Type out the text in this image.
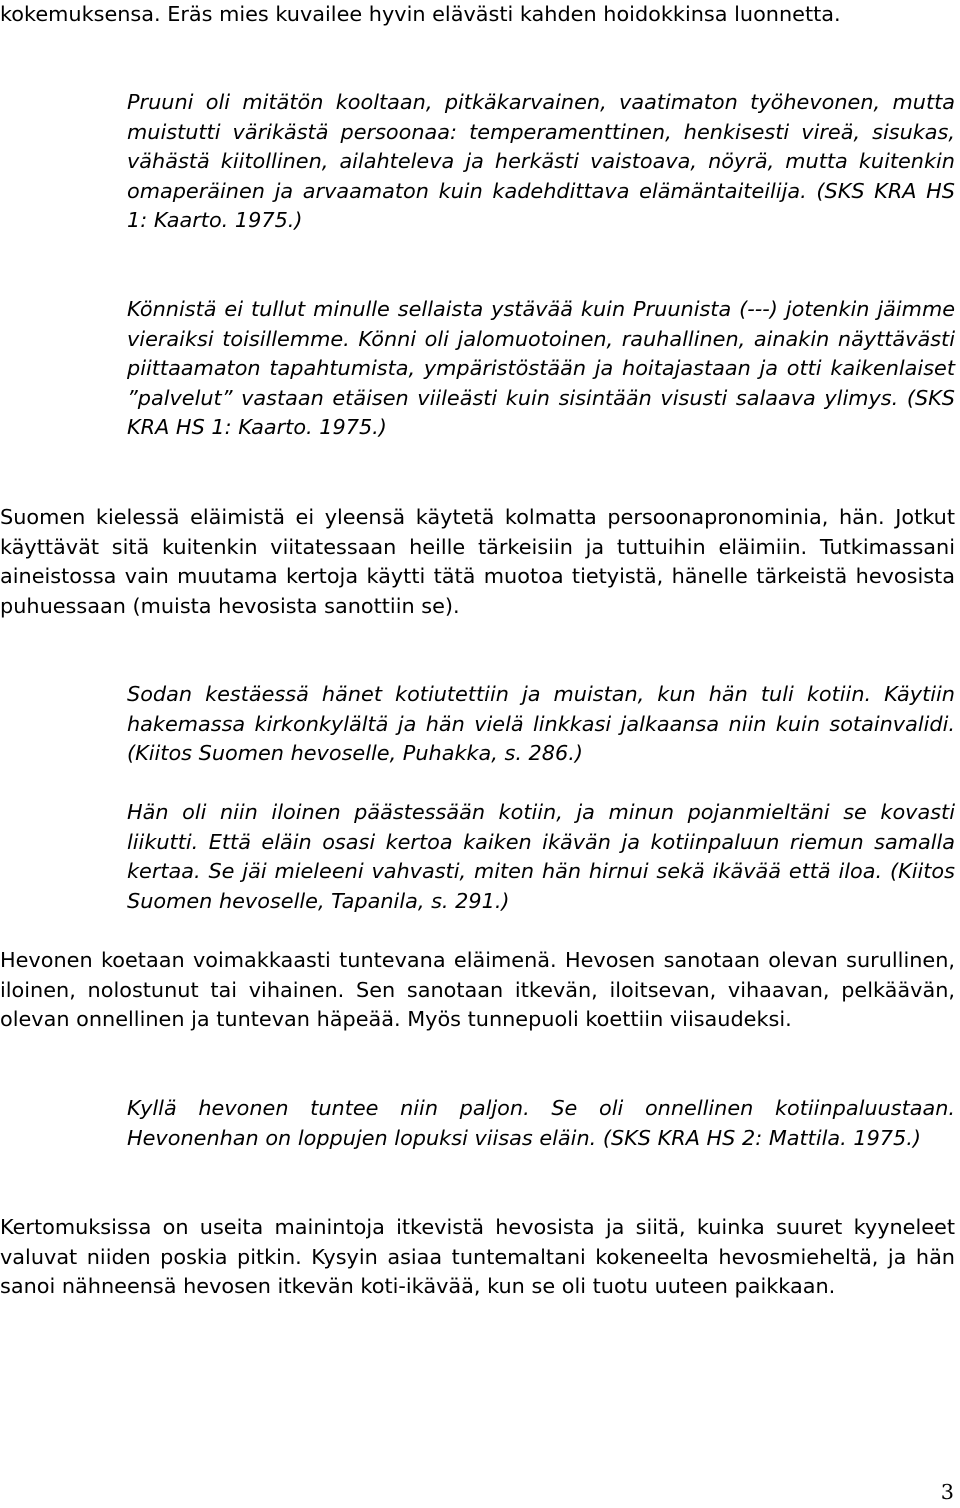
kokemuksensa. Eräs mies kuvailee hyvin elävästi kahden hoidokkinsa luonnetta.

Pruuni oli mitätön kooltaan, pitkäkarvainen, vaatimaton työhevonen, mutta muistutti värikästä persoonaa: temperamenttinen, henkisesti vireä, sisukas, vähästä kiitollinen, ailahteleva ja herkästi vaistoava, nöyrä, mutta kuitenkin omaperäinen ja arvaamaton kuin kadehdittava elämäntaiteilija. (SKS KRA HS 1: Kaarto. 1975.)

Könnistä ei tullut minulle sellaista ystävää kuin Pruunista (---) jotenkin jäimme vieraiksi toisillemme. Könni oli jalomuotoinen, rauhallinen, ainakin näyttävästi piittaamaton tapahtumista, ympäristöstään ja hoitajastaan ja otti kaikenlaiset ”palvelut” vastaan etäisen viileästi kuin sisintään visusti salaava ylimys. (SKS KRA HS 1: Kaarto. 1975.)

Suomen kielessä eläimistä ei yleensä käytetä kolmatta persoonapronominia, hän. Jotkut käyttävät sitä kuitenkin viitatessaan heille tärkeisiin ja tuttuihin eläimiin. Tutkimassani aineistossa vain muutama kertoja käytti tätä muotoa tietyistä, hänelle tärkeistä hevosista puhuessaan (muista hevosista sanottiin se).

Sodan kestäessä hänet kotiutettiin ja muistan, kun hän tuli kotiin. Käytiin hakemassa kirkonkylältä ja hän vielä linkkasi jalkaansa niin kuin sotainvalidi. (Kiitos Suomen hevoselle, Puhakka, s. 286.)

Hän oli niin iloinen päästessään kotiin, ja minun pojanmieltäni se kovasti liikutti. Että eläin osasi kertoa kaiken ikävän ja kotiinpaluun riemun samalla kertaa. Se jäi mieleeni vahvasti, miten hän hirnui sekä ikävää että iloa. (Kiitos Suomen hevoselle, Tapanila, s. 291.)

Hevonen koetaan voimakkaasti tuntevana eläimenä. Hevosen sanotaan olevan surullinen, iloinen, nolostunut tai vihainen. Sen sanotaan itkevän, iloitsevan, vihaavan, pelkäävän, olevan onnellinen ja tuntevan häpeää. Myös tunnepuoli koettiin viisaudeksi.

Kyllä hevonen tuntee niin paljon. Se oli onnellinen kotiinpaluustaan. Hevonenhan on loppujen lopuksi viisas eläin. (SKS KRA HS 2: Mattila. 1975.)

Kertomuksissa on useita mainintoja itkevistä hevosista ja siitä, kuinka suuret kyyneleet valuvat niiden poskia pitkin. Kysyin asiaa tuntemaltani kokeneelta hevosmieheltä, ja hän sanoi nähneensä hevosen itkevän koti-ikävää, kun se oli tuotu uuteen paikkaan.

3
